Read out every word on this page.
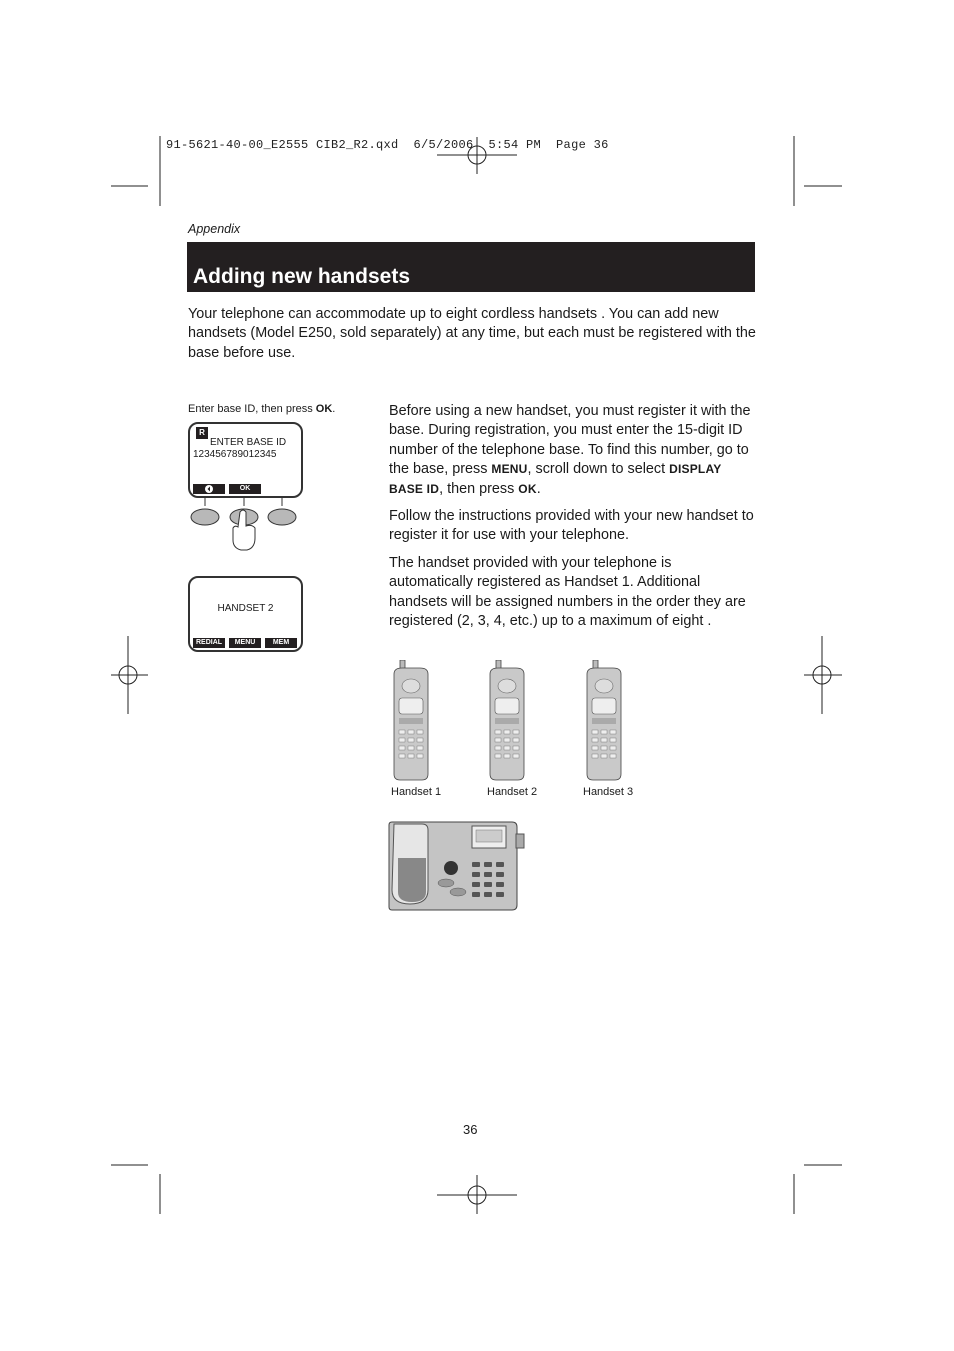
91-5621-40-00_E2555 CIB2_R2.qxd  6/5/2006  5:54 PM  Page 36
Appendix
Adding new handsets
Your telephone can accommodate up to eight cordless handsets . You can add new handsets (Model E250, sold separately) at any time, but each must be registered with the base before use.
Enter base ID, then press OK.
R
ENTER BASE ID
123456789012345
OK
HANDSET 2
REDIAL	MENU	MEM

Before using a new handset, you must register it with the base. During registration, you must enter the 15-digit ID number of the telephone base. To find this number, go to the base, press MENU, scroll down to select DISPLAY BASE ID, then press OK.

Follow the instructions provided with your new handset to register it for use with your telephone.

The handset provided with your telephone is automatically registered as Handset 1. Additional handsets will be assigned numbers in the order they are registered (2, 3, 4, etc.) up to a maximum of eight .

Handset 1	Handset 2	Handset 3
36
